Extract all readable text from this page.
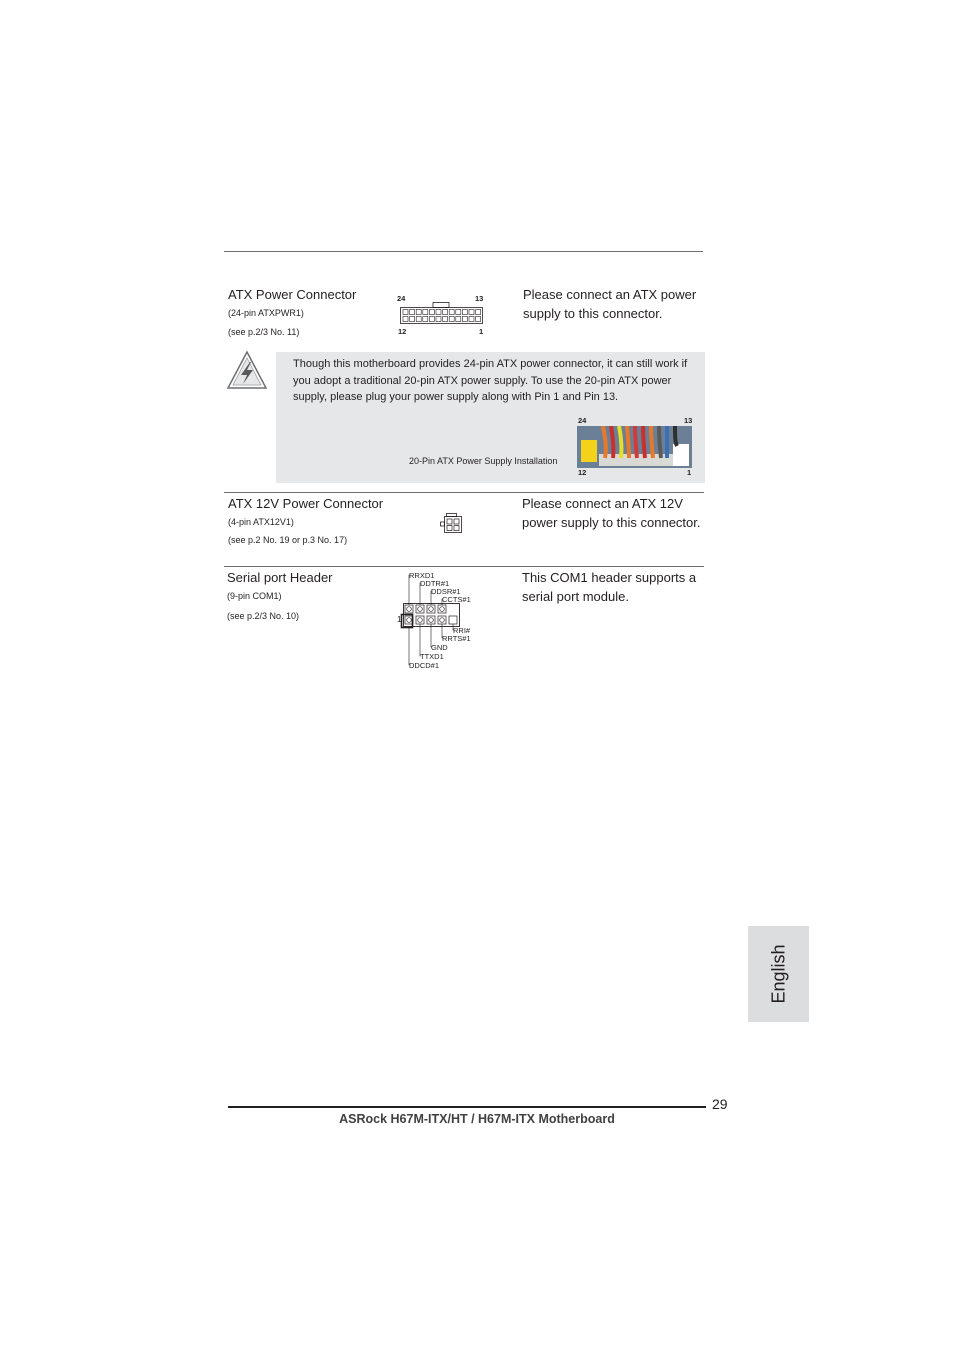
ATX Power Connector
(24-pin ATXPWR1)
(see p.2/3 No. 11)
24	13
12	1
Please connect an ATX power supply to this connector.
Though this motherboard provides 24-pin ATX power connector, it can still work if you adopt a traditional 20-pin ATX power supply. To use the 20-pin ATX power supply, please plug your power supply along with Pin 1 and Pin 13.
20-Pin ATX Power Supply Installation
24	13
12	1
ATX 12V Power Connector
(4-pin ATX12V1)
(see p.2 No. 19 or p.3 No. 17)
Please connect an ATX 12V power supply to this connector.
Serial port Header
(9-pin COM1)
(see p.2/3 No. 10)	1
RRXD1
DDTR#1
DDSR#1
CCTS#1
RRI#
RRTS#1
GND
TTXD1
DDCD#1
This COM1 header supports a serial port module.
English
29
ASRock H67M-ITX/HT / H67M-ITX Motherboard
